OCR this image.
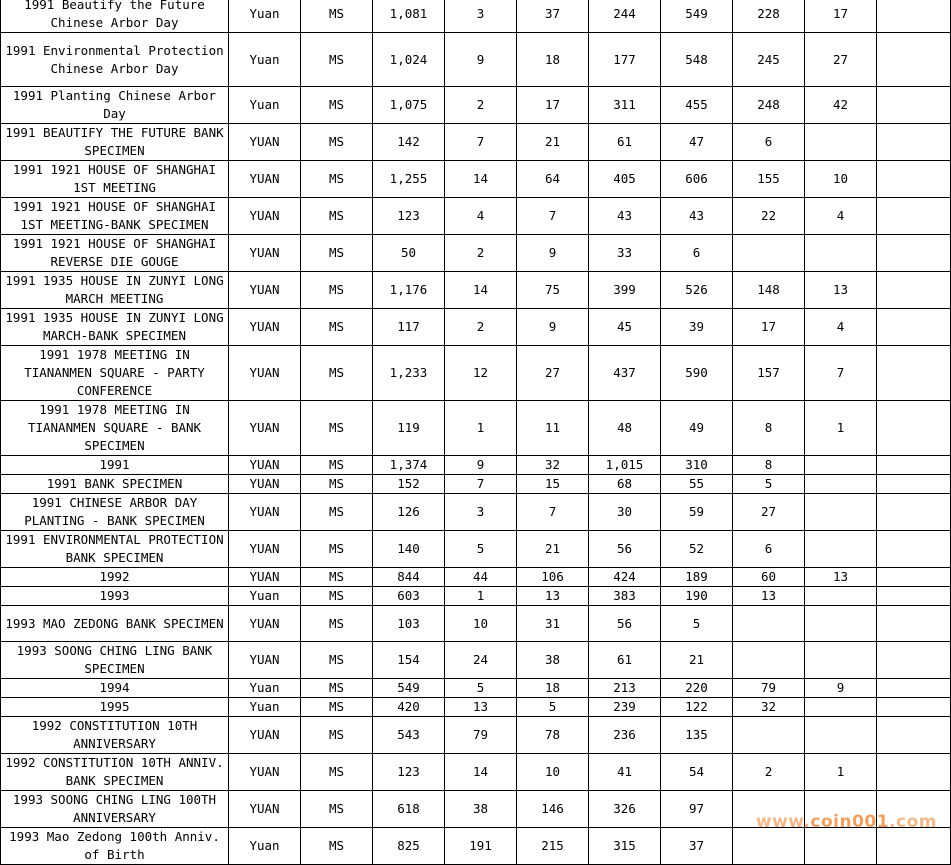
1991 Beautify the Future Chinese Arbor Day	Yuan	MS	1,081	3	37	244	549	228	17	
1991 Environmental Protection Chinese Arbor Day	Yuan	MS	1,024	9	18	177	548	245	27	
1991 Planting Chinese Arbor Day	Yuan	MS	1,075	2	17	311	455	248	42	
1991 BEAUTIFY THE FUTURE BANK SPECIMEN	YUAN	MS	142	7	21	61	47	6		
1991 1921 HOUSE OF SHANGHAI 1ST MEETING	YUAN	MS	1,255	14	64	405	606	155	10	
1991 1921 HOUSE OF SHANGHAI 1ST MEETING-BANK SPECIMEN	YUAN	MS	123	4	7	43	43	22	4	
1991 1921 HOUSE OF SHANGHAI REVERSE DIE GOUGE	YUAN	MS	50	2	9	33	6			
1991 1935 HOUSE IN ZUNYI LONG MARCH MEETING	YUAN	MS	1,176	14	75	399	526	148	13	
1991 1935 HOUSE IN ZUNYI LONG MARCH-BANK SPECIMEN	YUAN	MS	117	2	9	45	39	17	4	
1991 1978 MEETING IN TIANANMEN SQUARE - PARTY CONFERENCE	YUAN	MS	1,233	12	27	437	590	157	7	
1991 1978 MEETING IN TIANANMEN SQUARE - BANK SPECIMEN	YUAN	MS	119	1	11	48	49	8	1	
1991	YUAN	MS	1,374	9	32	1,015	310	8		
1991 BANK SPECIMEN	YUAN	MS	152	7	15	68	55	5		
1991 CHINESE ARBOR DAY PLANTING - BANK SPECIMEN	YUAN	MS	126	3	7	30	59	27		
1991 ENVIRONMENTAL PROTECTION BANK SPECIMEN	YUAN	MS	140	5	21	56	52	6		
1992	YUAN	MS	844	44	106	424	189	60	13	
1993	Yuan	MS	603	1	13	383	190	13		
1993 MAO ZEDONG BANK SPECIMEN	YUAN	MS	103	10	31	56	5			
1993 SOONG CHING LING BANK SPECIMEN	YUAN	MS	154	24	38	61	21			
1994	Yuan	MS	549	5	18	213	220	79	9	
1995	Yuan	MS	420	13	5	239	122	32		
1992 CONSTITUTION 10TH ANNIVERSARY	YUAN	MS	543	79	78	236	135			
1992 CONSTITUTION 10TH ANNIV. BANK SPECIMEN	YUAN	MS	123	14	10	41	54	2	1	
1993 SOONG CHING LING 100TH ANNIVERSARY	YUAN	MS	618	38	146	326	97			
1993 Mao Zedong 100th Anniv. of Birth	Yuan	MS	825	191	215	315	37			
www.coin001.com
